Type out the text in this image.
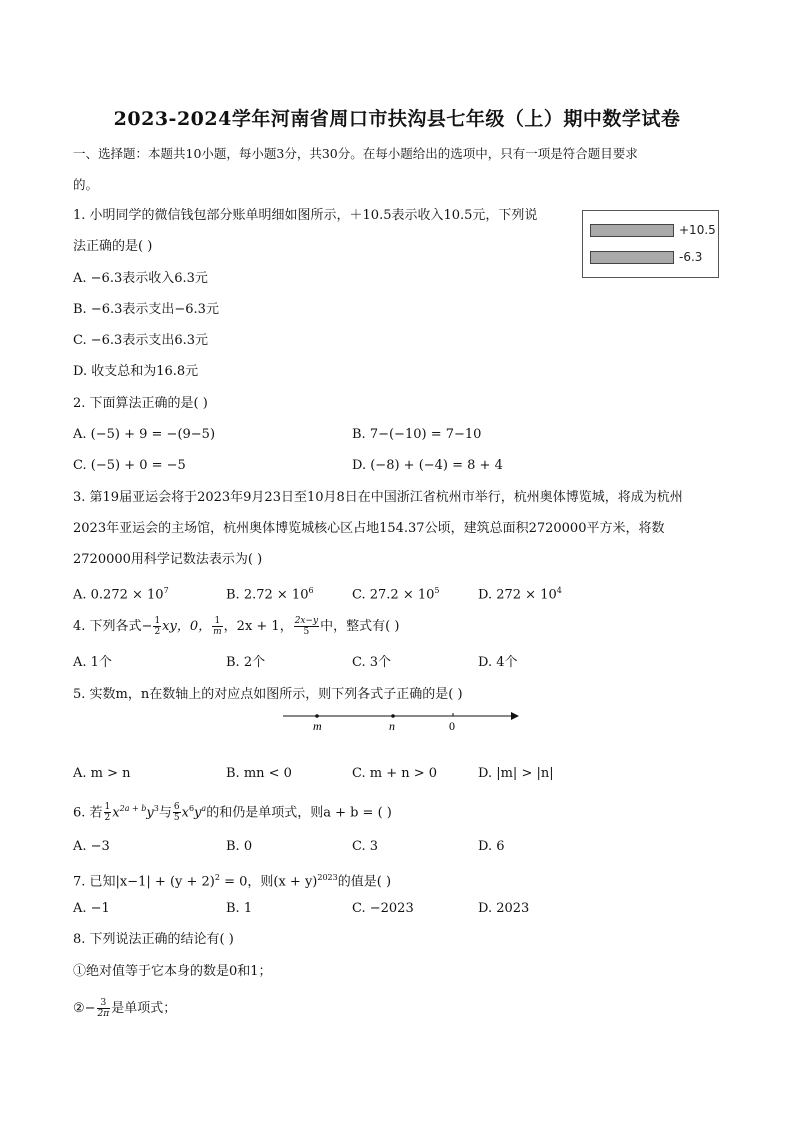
2023-2024学年河南省周口市扶沟县七年级（上）期中数学试卷
一、选择题：本题共10小题，每小题3分，共30分。在每小题给出的选项中，只有一项是符合题目要求
的。
1. 小明同学的微信钱包部分账单明细如图所示，＋10.5表示收入10.5元，下列说
法正确的是( )
+10.5
-6.3
A. −6.3表示收入6.3元
B. −6.3表示支出−6.3元
C. −6.3表示支出6.3元
D. 收支总和为16.8元
2. 下面算法正确的是( )
A. (−5) + 9 = −(9−5)	B. 7−(−10) = 7−10
C. (−5) + 0 = −5	D. (−8) + (−4) = 8 + 4
3. 第19届亚运会将于2023年9月23日至10月8日在中国浙江省杭州市举行，杭州奥体博览城，将成为杭州
2023年亚运会的主场馆，杭州奥体博览城核心区占地154.37公顷，建筑总面积2720000平方米，将数
2720000用科学记数法表示为( )
A. $0.272 \times 10^7$	B. $2.72 \times 10^6$	C. $27.2 \times 10^5$	D. $272 \times 10^4$
4. 下列各式− $\frac{1}{2}$ xy，0， $\frac{1}{m}$ ，2x + 1， $\frac{2x-y}{5}$ 中，整式有( )
A. 1个	B. 2个	C. 3个	D. 4个
5. 实数m，n在数轴上的对应点如图所示，则下列各式子正确的是( )
m	n	0
A. m > n	B. mn < 0	C. m + n > 0	D. |m| > |n|
6. 若 $\frac{1}{2} x^{2a + b}y^3$与 $\frac{6}{5} x^6y^a$的和仍是单项式，则a + b = ( )
A. −3	B. 0	C. 3	D. 6
7. 已知$|x-1| + (y + 2)^2 = 0$，则$(x + y)^{2023}$的值是( )
A. −1	B. 1	C. −2023	D. 2023
8. 下列说法正确的结论有( )
①绝对值等于它本身的数是0和1；
②− $\frac{3}{2\pi}$ 是单项式；
